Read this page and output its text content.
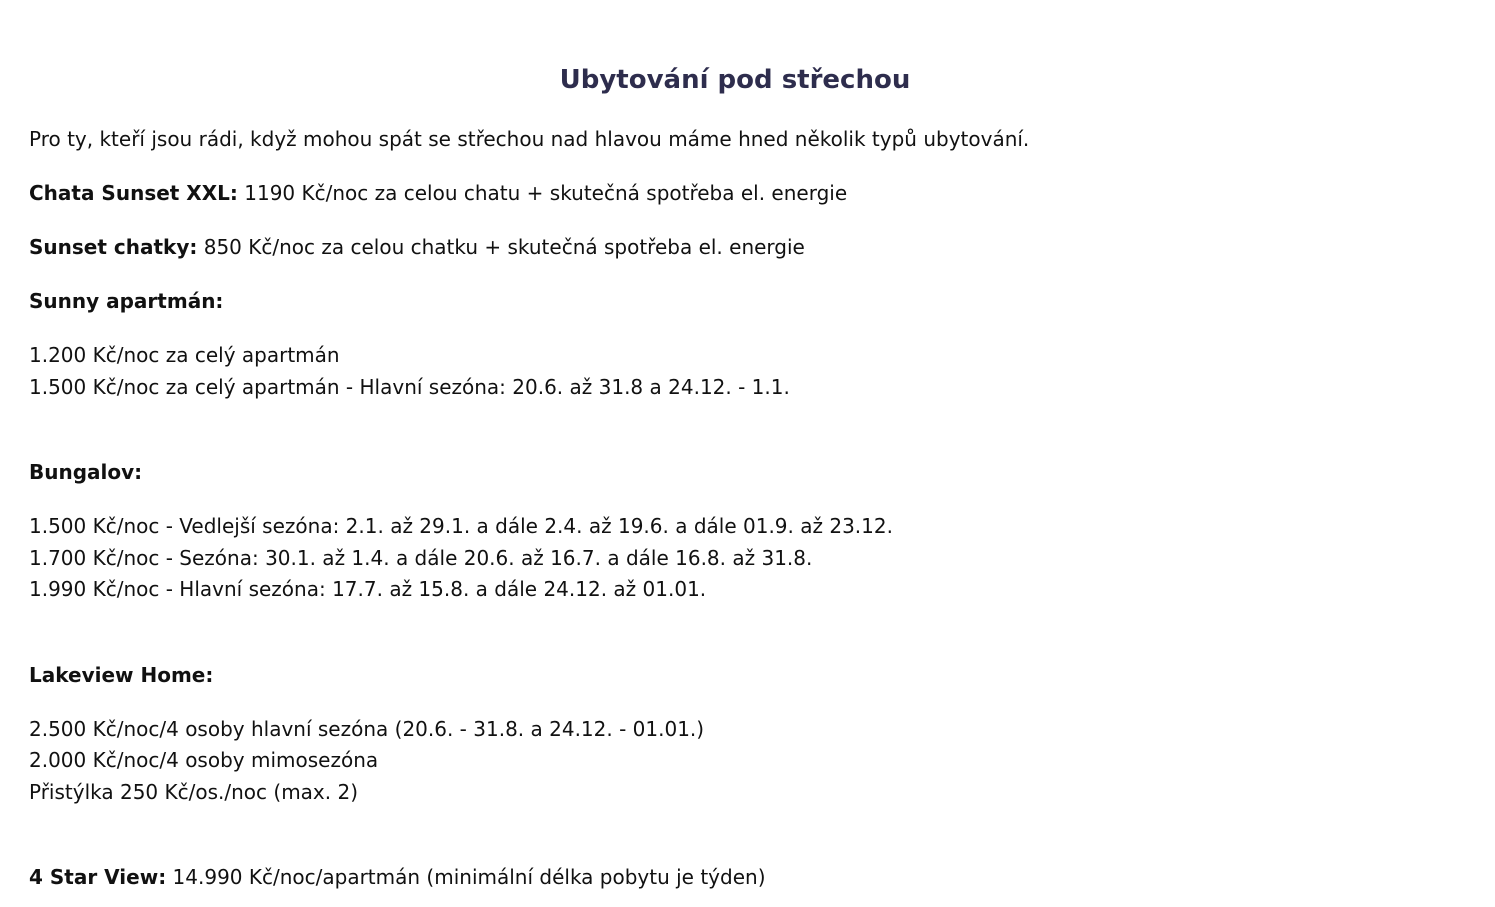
Ubytování pod střechou

Pro ty, kteří jsou rádi, když mohou spát se střechou nad hlavou máme hned několik typů ubytování.

Chata Sunset XXL: 1190 Kč/noc za celou chatu + skutečná spotřeba el. energie

Sunset chatky: 850 Kč/noc za celou chatku + skutečná spotřeba el. energie

Sunny apartmán:

1.200 Kč/noc za celý apartmán

1.500 Kč/noc za celý apartmán - Hlavní sezóna: 20.6. až 31.8 a 24.12. - 1.1.

Bungalov:

1.500 Kč/noc - Vedlejší sezóna: 2.1. až 29.1. a dále 2.4. až 19.6. a dále 01.9. až 23.12.

1.700 Kč/noc - Sezóna: 30.1. až 1.4. a dále 20.6. až 16.7. a dále 16.8. až 31.8.

1.990 Kč/noc - Hlavní sezóna: 17.7. až 15.8. a dále 24.12. až 01.01.

Lakeview Home:

2.500 Kč/noc/4 osoby hlavní sezóna (20.6. - 31.8. a 24.12. - 01.01.)

2.000 Kč/noc/4 osoby mimosezóna

Přistýlka 250 Kč/os./noc (max. 2)

4 Star View: 14.990 Kč/noc/apartmán (minimální délka pobytu je týden)
